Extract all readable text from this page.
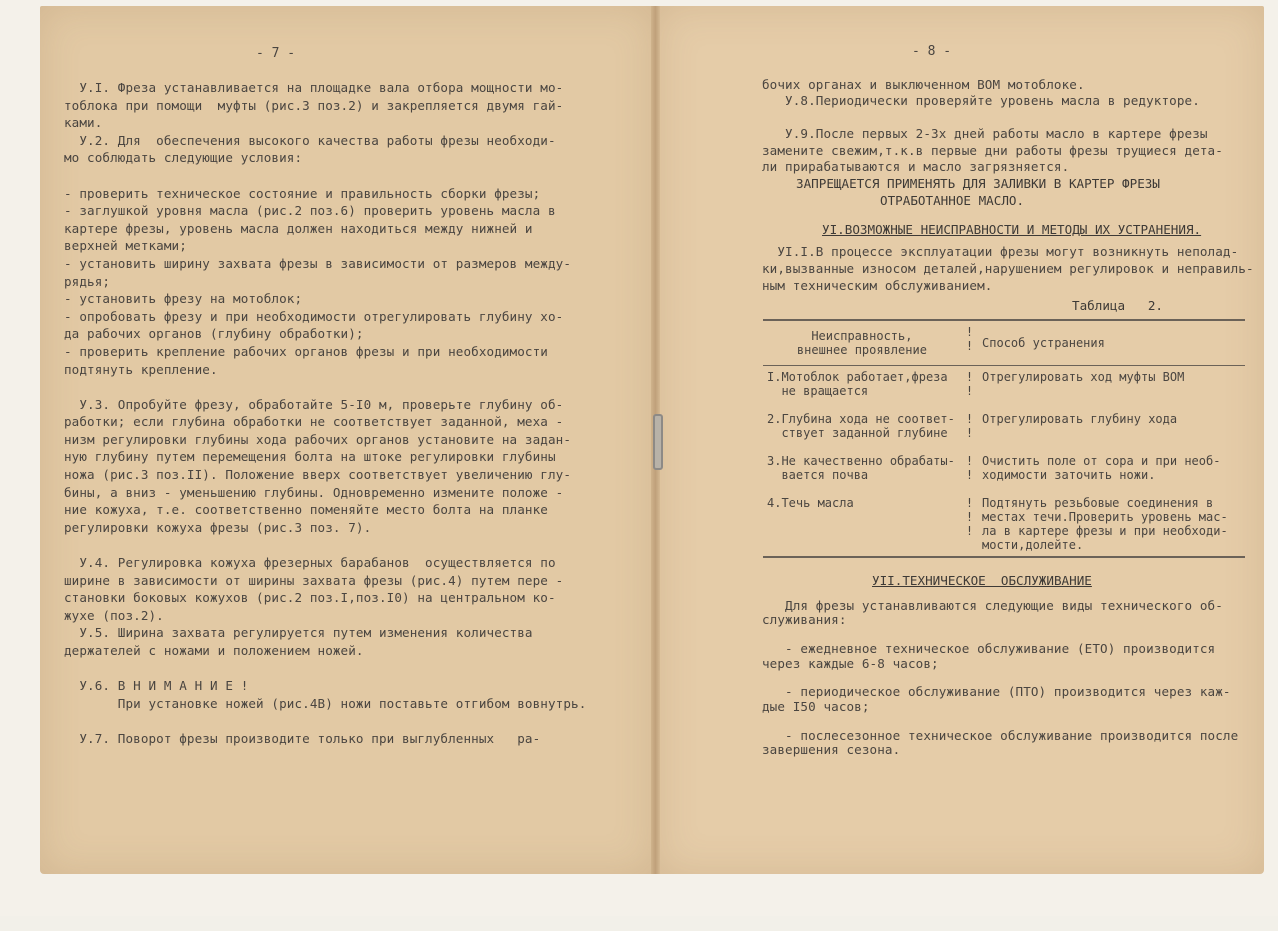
- 7 -
У.I. Фреза устанавливается на площадке вала отбора мощности мо-
тоблока при помощи  муфты (рис.3 поз.2) и закрепляется двумя гай-
ками.
У.2. Для  обеспечения высокого качества работы фрезы необходи-
мо соблюдать следующие условия:
- проверить техническое состояние и правильность сборки фрезы;
- заглушкой уровня масла (рис.2 поз.6) проверить уровень масла в
картере фрезы, уровень масла должен находиться между нижней и
верхней метками;
- установить ширину захвата фрезы в зависимости от размеров между-
рядья;
- установить фрезу на мотоблок;
- опробовать фрезу и при необходимости отрегулировать глубину хо-
да рабочих органов (глубину обработки);
- проверить крепление рабочих органов фрезы и при необходимости
подтянуть крепление.
У.3. Опробуйте фрезу, обработайте 5-I0 м, проверьте глубину об-
работки; если глубина обработки не соответствует заданной, меха -
низм регулировки глубины хода рабочих органов установите на задан-
ную глубину путем перемещения болта на штоке регулировки глубины
ножа (рис.3 поз.II). Положение вверх соответствует увеличению глу-
бины, а вниз - уменьшению глубины. Одновременно измените положе -
ние кожуха, т.е. соответственно поменяйте место болта на планке
регулировки кожуха фрезы (рис.3 поз. 7).
У.4. Регулировка кожуха фрезерных барабанов  осуществляется по
ширине в зависимости от ширины захвата фрезы (рис.4) путем пере -
становки боковых кожухов (рис.2 поз.I,поз.I0) на центральном ко-
жухе (поз.2).
У.5. Ширина захвата регулируется путем изменения количества
держателей с ножами и положением ножей.
У.6. В Н И М А Н И Е !
При установке ножей (рис.4В) ножи поставьте отгибом вовнутрь.
У.7. Поворот фрезы производите только при выглубленных   ра-
- 8 -
бочих органах и выключенном ВОМ мотоблоке.
У.8.Периодически проверяйте уровень масла в редукторе.
У.9.После первых 2-3х дней работы масло в картере фрезы
замените свежим,т.к.в первые дни работы фрезы трущиеся дета-
ли прирабатываются и масло загрязняется.
ЗАПРЕЩАЕТСЯ ПРИМЕНЯТЬ ДЛЯ ЗАЛИВКИ В КАРТЕР ФРЕЗЫ
ОТРАБОТАННОЕ МАСЛО.
УI.ВОЗМОЖНЫЕ НЕИСПРАВНОСТИ И МЕТОДЫ ИХ УСТРАНЕНИЯ.
УI.I.В процессе эксплуатации фрезы могут возникнуть неполад-
ки,вызванные износом деталей,нарушением регулировок и неправиль-
ным техническим обслуживанием.
Таблица   2.
Неисправность,
внешнее проявление	!
!	Способ устранения
I.Мотоблок работает,фреза
не вращается	!
!	Отрегулировать ход муфты ВОМ
2.Глубина хода не соответ-
ствует заданной глубине	!
!	Отрегулировать глубину хода
3.Не качественно обрабаты-
вается почва	!
!	Очистить поле от сора и при необ-
ходимости заточить ножи.
4.Течь масла	!
!
!	Подтянуть резьбовые соединения в
местах течи.Проверить уровень мас-
ла в картере фрезы и при необходи-
мости,долейте.
УII.ТЕХНИЧЕСКОЕ  ОБСЛУЖИВАНИЕ
Для фрезы устанавливаются следующие виды технического об-
служивания:
- ежедневное техническое обслуживание (ЕТО) производится
через каждые 6-8 часов;
- периодическое обслуживание (ПТО) производится через каж-
дые I50 часов;
- послесезонное техническое обслуживание производится после
завершения сезона.
